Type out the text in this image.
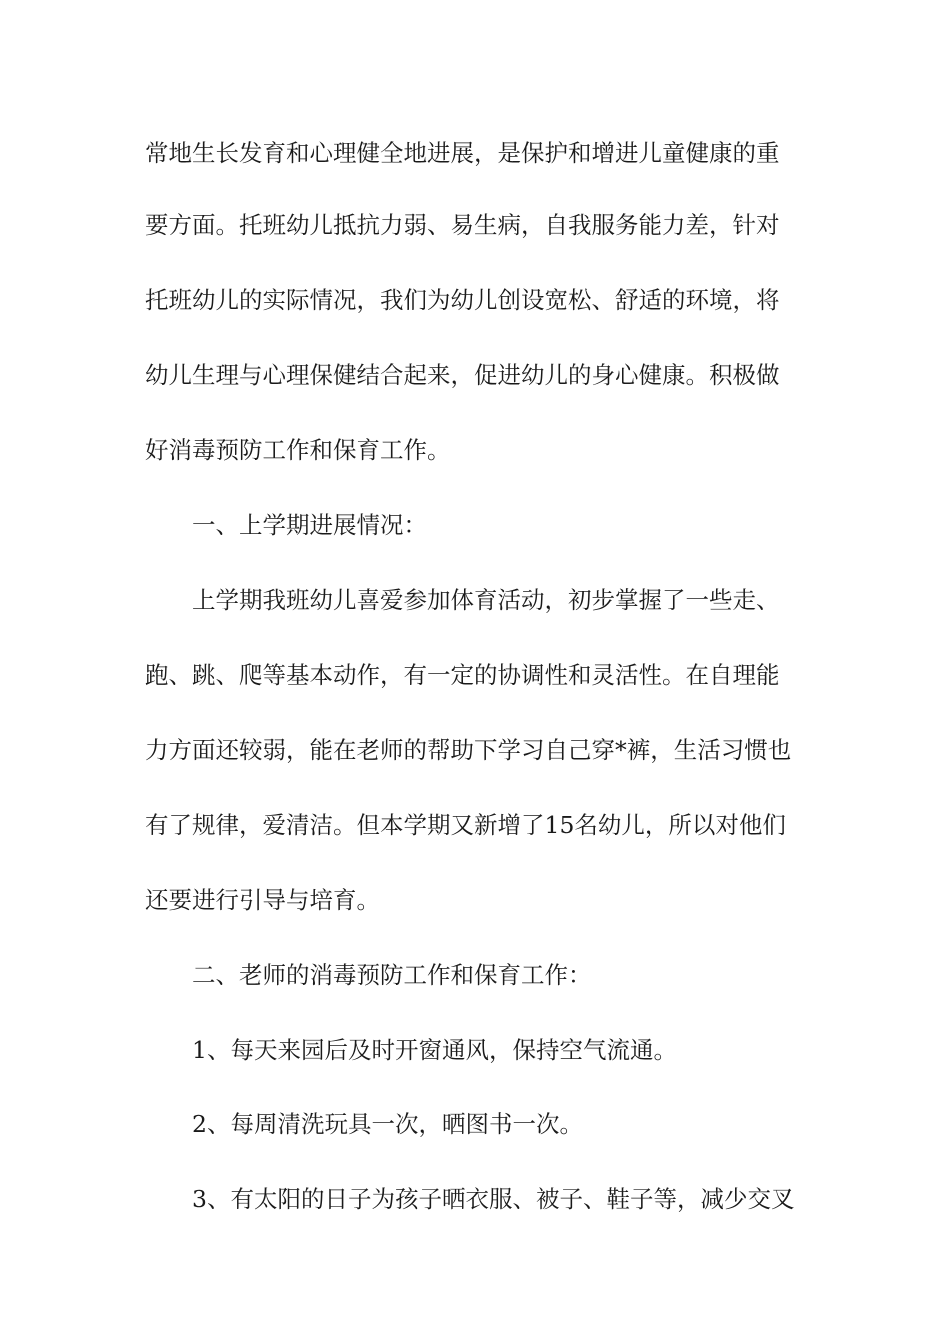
常地生长发育和心理健全地进展，是保护和增进儿童健康的重

要方面。托班幼儿抵抗力弱、易生病，自我服务能力差，针对

托班幼儿的实际情况，我们为幼儿创设宽松、舒适的环境，将

幼儿生理与心理保健结合起来，促进幼儿的身心健康。积极做

好消毒预防工作和保育工作。

一、上学期进展情况：

上学期我班幼儿喜爱参加体育活动，初步掌握了一些走、

跑、跳、爬等基本动作，有一定的协调性和灵活性。在自理能

力方面还较弱，能在老师的帮助下学习自己穿*裤，生活习惯也

有了规律，爱清洁。但本学期又新增了15名幼儿，所以对他们

还要进行引导与培育。

二、老师的消毒预防工作和保育工作：

1、每天来园后及时开窗通风，保持空气流通。

2、每周清洗玩具一次，晒图书一次。

3、有太阳的日子为孩子晒衣服、被子、鞋子等，减少交叉
